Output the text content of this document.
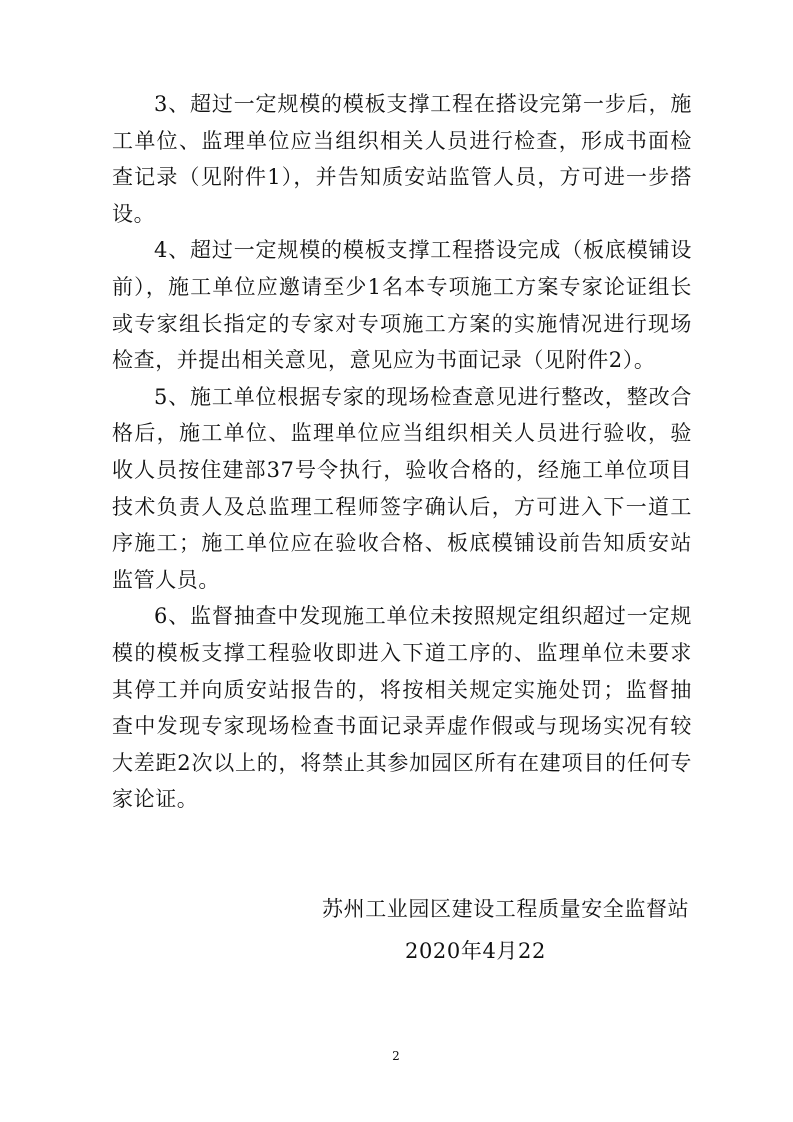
3、超过一定规模的模板支撑工程在搭设完第一步后，施工单位、监理单位应当组织相关人员进行检查，形成书面检查记录（见附件1），并告知质安站监管人员，方可进一步搭设。

4、超过一定规模的模板支撑工程搭设完成（板底模铺设前），施工单位应邀请至少1名本专项施工方案专家论证组长或专家组长指定的专家对专项施工方案的实施情况进行现场检查，并提出相关意见，意见应为书面记录（见附件2）。

5、施工单位根据专家的现场检查意见进行整改，整改合格后，施工单位、监理单位应当组织相关人员进行验收，验收人员按住建部37号令执行，验收合格的，经施工单位项目技术负责人及总监理工程师签字确认后，方可进入下一道工序施工；施工单位应在验收合格、板底模铺设前告知质安站监管人员。

6、监督抽查中发现施工单位未按照规定组织超过一定规模的模板支撑工程验收即进入下道工序的、监理单位未要求其停工并向质安站报告的，将按相关规定实施处罚；监督抽查中发现专家现场检查书面记录弄虚作假或与现场实况有较大差距2次以上的，将禁止其参加园区所有在建项目的任何专家论证。

苏州工业园区建设工程质量安全监督站
2020年4月22
2
